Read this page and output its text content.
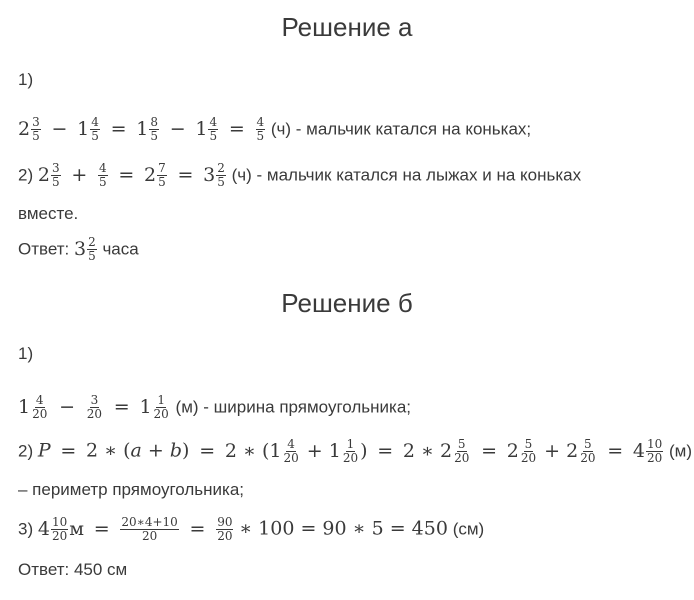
Решение а
1)
$2 \frac{3}{5} - 1 \frac{4}{5} = 1 \frac{8}{5} - 1 \frac{4}{5} = \frac{4}{5} (ч)$ - мальчик катался на коньках;
2) $2 \frac{3}{5} + \frac{4}{5} = 2 \frac{7}{5} = 3 \frac{2}{5} (ч)$ - мальчик катался на лыжах и на коньках
вместе.
Ответ: $3 \frac{2}{5}$ часа
Решение б
1)
$1 \frac{4}{20} - \frac{3}{20} = 1 \frac{1}{20} (м)$ - ширина прямоугольника;
2) P = 2 ∗ (a + b) = 2 ∗ ($1 \frac{4}{20} + 1 \frac{1}{20}$ ) = 2 ∗ $2 \frac{5}{20} = 2 \frac{5}{20} + 2 \frac{5}{20} = 4 \frac{10}{20} (м)$
– периметр прямоугольника;
3) $4 \frac{10}{20}$ $м = \frac{20∗4+10}{20} = \frac{90}{20}$ ∗ 100 = 90 ∗ 5 = 450 (см)
Ответ: 450 см
